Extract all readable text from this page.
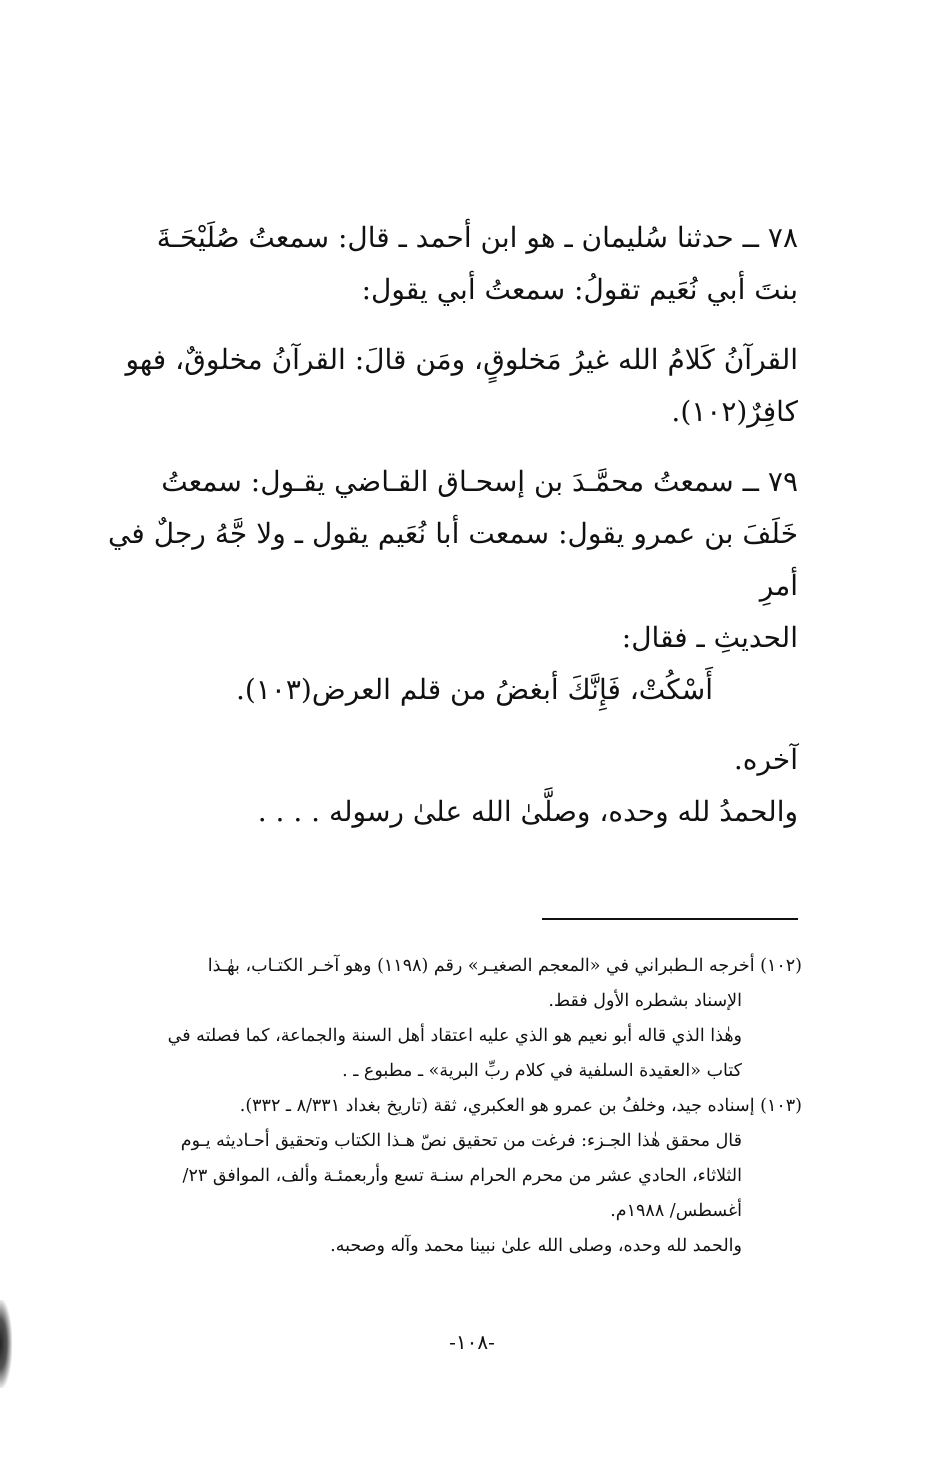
٧٨ ــ حدثنا سُليمان ـ هو ابن أحمد ـ قال: سمعتُ صُلَيْحَـةَ
بنتَ أبي نُعَيم تقولُ: سمعتُ أبي يقول:

القرآنُ كَلامُ الله غيرُ مَخلوقٍ، ومَن قالَ: القرآنُ مخلوقٌ، فهو
كافِرٌ(١٠٢).

٧٩ ــ سمعتُ محمَّـدَ بن إسحـاق القـاضي يقـول: سمعتُ
خَلَفَ بن عمرو يقول: سمعت أبا نُعَيم يقول ـ ولا جَّهُ رجلٌ في أمرِ
الحديثِ ـ فقال:

أَسْكُتْ، فَإِنَّكَ أبغضُ من قلم العرض(١٠٣).

آخره.
والحمدُ لله وحده، وصلَّىٰ الله علىٰ رسوله . . . .

(١٠٢) أخرجه الـطبراني في «المعجم الصغيـر» رقم (١١٩٨) وهو آخـر الكتـاب، بهٰـذا

الإسناد بشطره الأول فقط.

وهٰذا الذي قاله أبو نعيم هو الذي عليه اعتقاد أهل السنة والجماعة، كما فصلته في

كتاب «العقيدة السلفية في كلام ربِّ البرية» ـ مطبوع ـ .

(١٠٣) إسناده جيد، وخلفُ بن عمرو هو العكبري، ثقة (تاريخ بغداد ٨/٣٣١ ـ ٣٣٢).

قال محقق هٰذا الجـزء: فرغت من تحقيق نصّ هـذا الكتاب وتحقيق أحـاديثه يـوم

الثلاثاء، الحادي عشر من محرم الحرام سنـة تسع وأربعمئـة وألف، الموافق ٢٣/

أغسطس/ ١٩٨٨م.

والحمد لله وحده، وصلى الله علىٰ نبينا محمد وآله وصحبه.

-١٠٨-
